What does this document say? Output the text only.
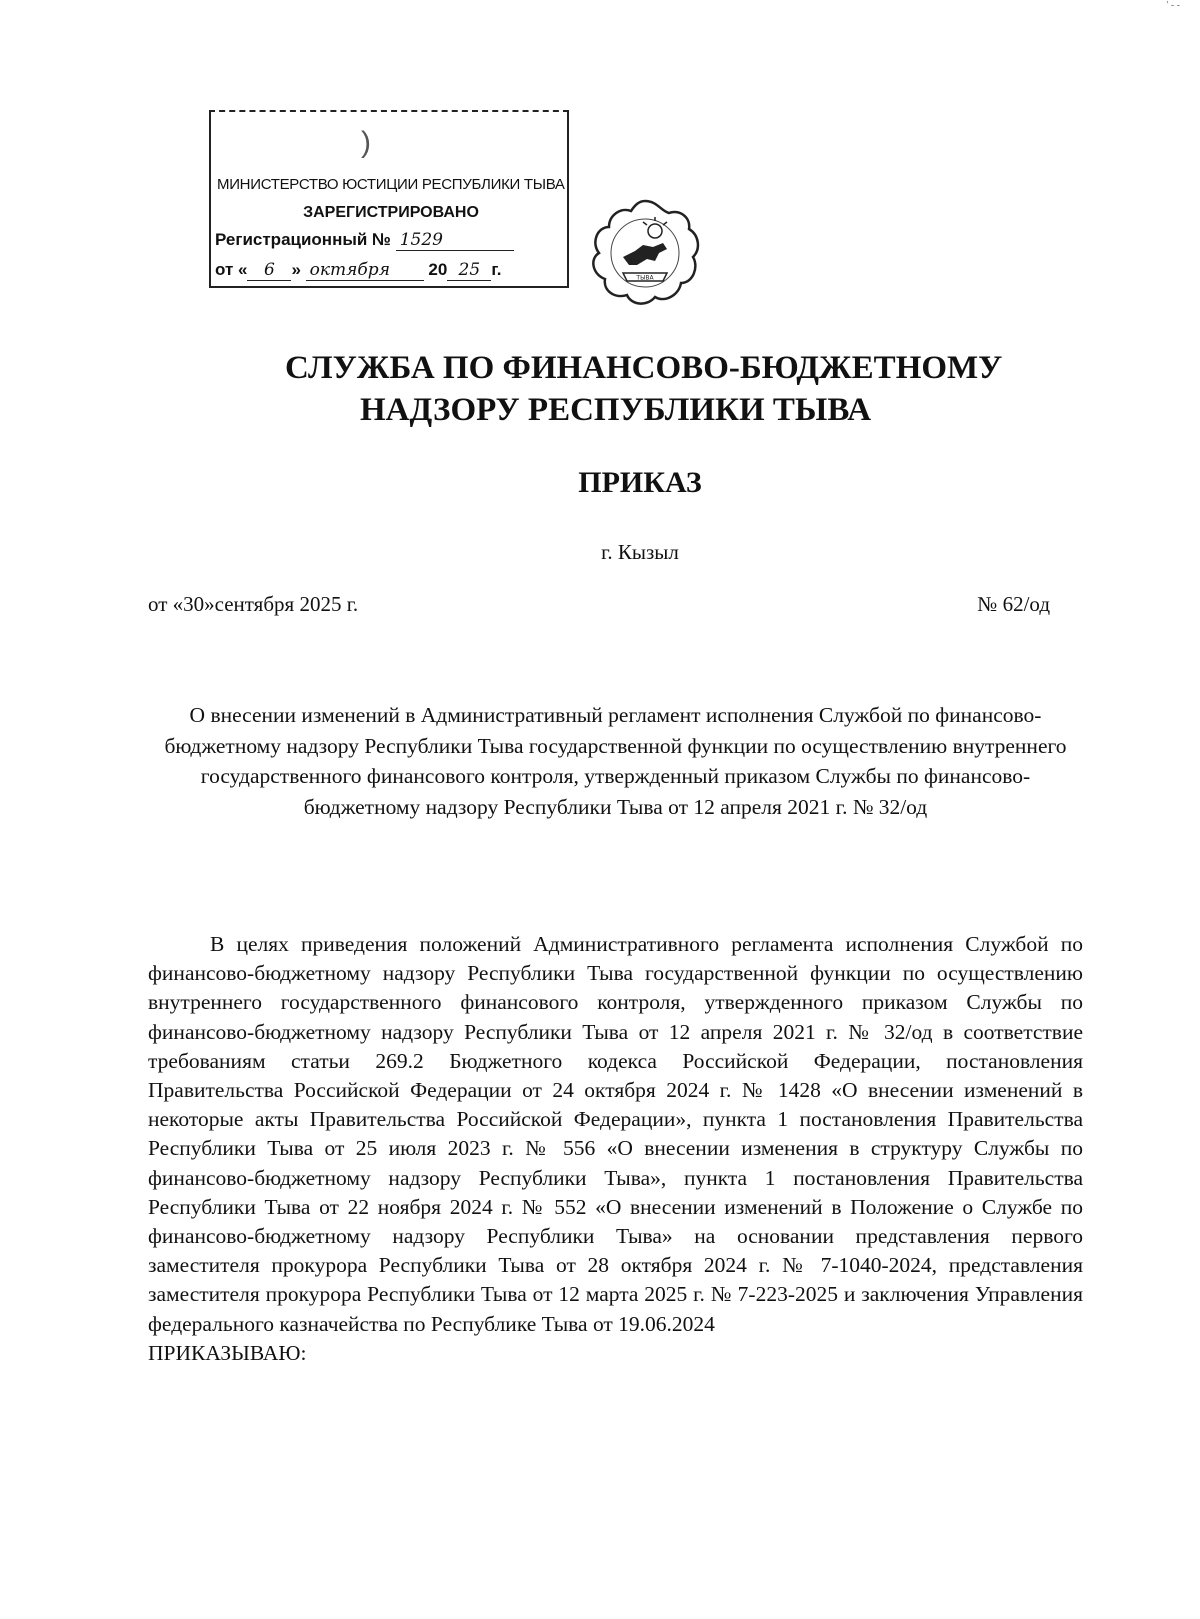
' - -
)
МИНИСТЕРСТВО ЮСТИЦИИ РЕСПУБЛИКИ ТЫВА
ЗАРЕГИСТРИРОВАНО
Регистрационный № 1529
от « 6 » октября 20 25 г.	ТЫВА
СЛУЖБА ПО ФИНАНСОВО-БЮДЖЕТНОМУ
НАДЗОРУ РЕСПУБЛИКИ ТЫВА
ПРИКАЗ
г. Кызыл
от «30»сентября 2025 г.	№ 62/од
О внесении изменений в Административный регламент исполнения Службой по финансово-бюджетному надзору Республики Тыва государственной функции по осуществлению внутреннего государственного финансового контроля, утвержденный приказом Службы по финансово-бюджетному надзору Республики Тыва от 12 апреля 2021 г. № 32/од
В целях приведения положений Административного регламента исполнения Службой по финансово-бюджетному надзору Республики Тыва государственной функции по осуществлению внутреннего государственного финансового контроля, утвержденного приказом Службы по финансово-бюджетному надзору Республики Тыва от 12 апреля 2021 г. № 32/од в соответствие требованиям статьи 269.2 Бюджетного кодекса Российской Федерации, постановления Правительства Российской Федерации от 24 октября 2024 г. № 1428 «О внесении изменений в некоторые акты Правительства Российской Федерации», пункта 1 постановления Правительства Республики Тыва от 25 июля 2023 г. № 556 «О внесении изменения в структуру Службы по финансово-бюджетному надзору Республики Тыва», пункта 1 постановления Правительства Республики Тыва от 22 ноября 2024 г. № 552 «О внесении изменений в Положение о Службе по финансово-бюджетному надзору Республики Тыва» на основании представления первого заместителя прокурора Республики Тыва от 28 октября 2024 г. № 7-1040-2024, представления заместителя прокурора Республики Тыва от 12 марта 2025 г. № 7-223-2025 и заключения Управления федерального казначейства по Республике Тыва от 19.06.2024
ПРИКАЗЫВАЮ:
